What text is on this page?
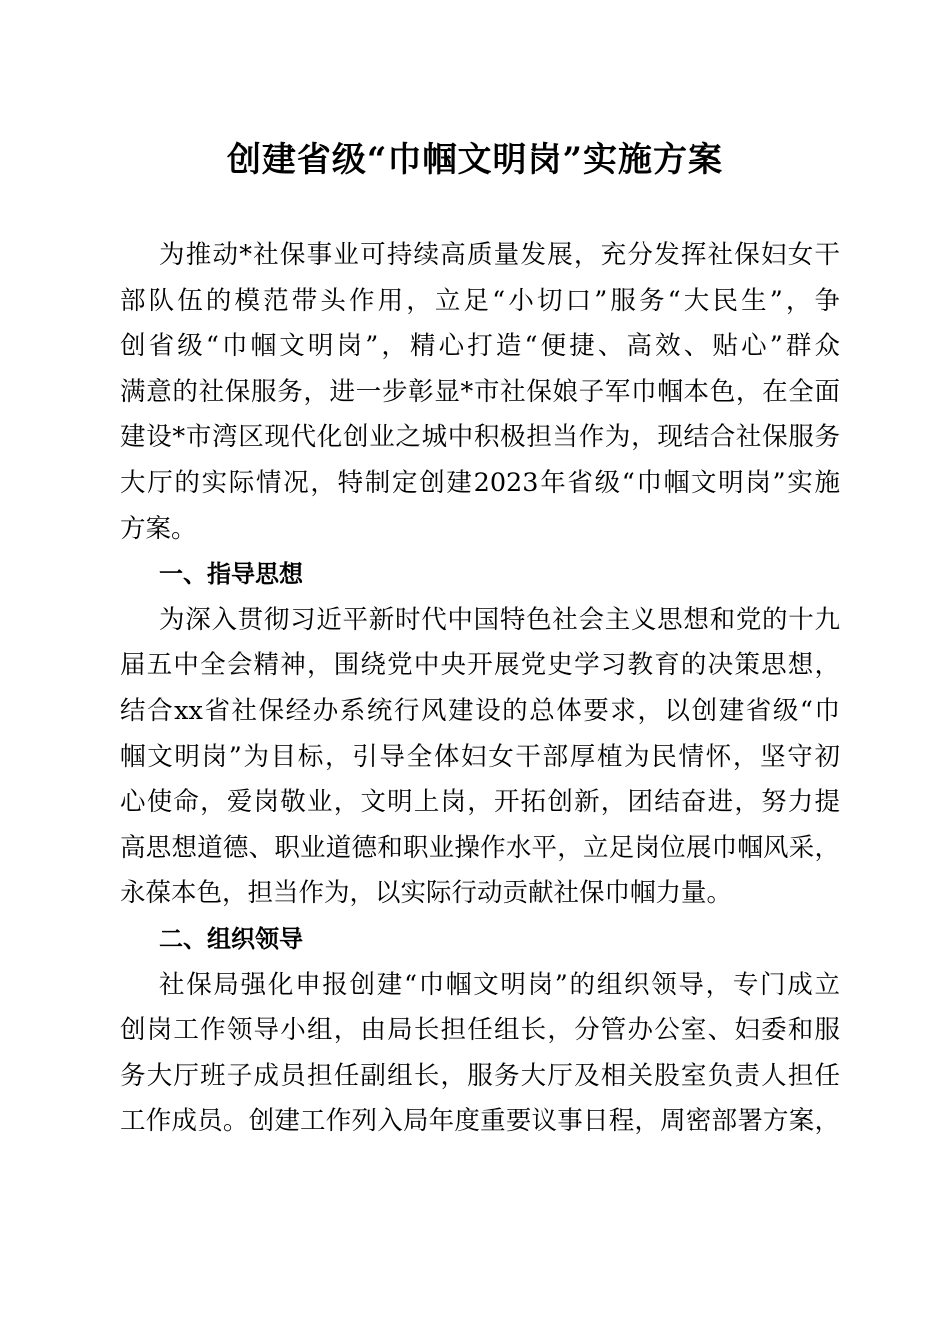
创建省级“巾帼文明岗”实施方案
为推动*社保事业可持续高质量发展，充分发挥社保妇女干
部队伍的模范带头作用，立足“小切口”服务“大民生”，争
创省级“巾帼文明岗”，精心打造“便捷、高效、贴心”群众
满意的社保服务，进一步彰显*市社保娘子军巾帼本色，在全面
建设*市湾区现代化创业之城中积极担当作为，现结合社保服务
大厅的实际情况，特制定创建2023年省级“巾帼文明岗”实施
方案。
一、指导思想
为深入贯彻习近平新时代中国特色社会主义思想和党的十九
届五中全会精神，围绕党中央开展党史学习教育的决策思想，
结合xx省社保经办系统行风建设的总体要求，以创建省级“巾
帼文明岗”为目标，引导全体妇女干部厚植为民情怀，坚守初
心使命，爱岗敬业，文明上岗，开拓创新，团结奋进，努力提
高思想道德、职业道德和职业操作水平，立足岗位展巾帼风采，
永葆本色，担当作为，以实际行动贡献社保巾帼力量。
二、组织领导
社保局强化申报创建“巾帼文明岗”的组织领导，专门成立
创岗工作领导小组，由局长担任组长，分管办公室、妇委和服
务大厅班子成员担任副组长，服务大厅及相关股室负责人担任
工作成员。创建工作列入局年度重要议事日程，周密部署方案，
